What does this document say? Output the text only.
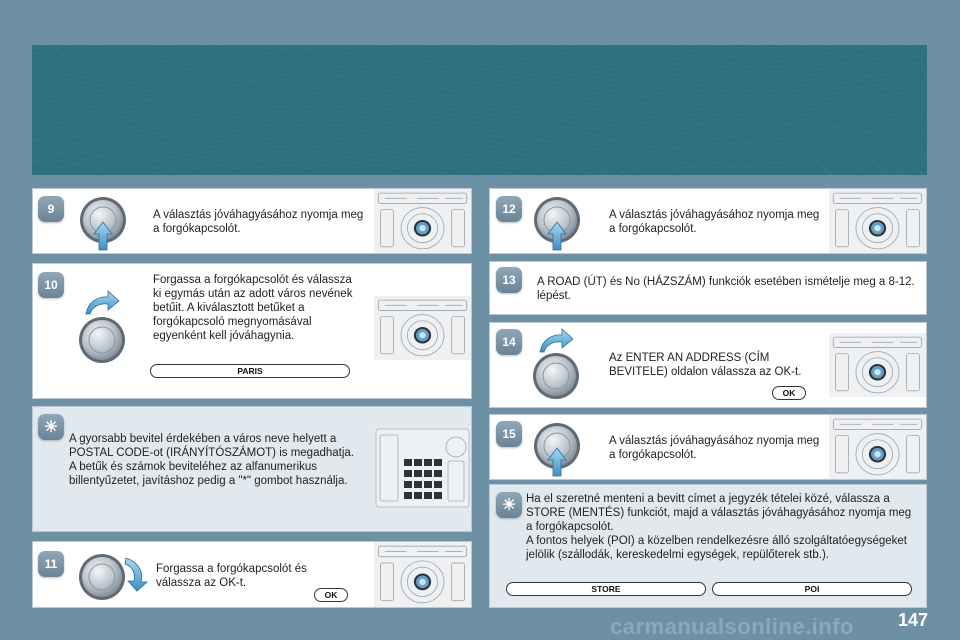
9	A választás jóváhagyásához nyomja meg a forgókapcsolót.
10	Forgassa a forgókapcsolót és válassza ki egymás után az adott város nevének betűit. A kiválasztott betűket a forgókapcsoló megnyomásával egyenként kell jóváhagynia.
PARIS
☀
A gyorsabb bevitel érdekében a város neve helyett a POSTAL CODE-ot (IRÁNYÍTÓSZÁMOT) is megadhatja.
A betűk és számok beviteléhez az alfanumerikus billentyűzetet, javításhoz pedig a "*" gombot használja.
11	Forgassa a forgókapcsolót és válassza az OK-t.
OK
12	A választás jóváhagyásához nyomja meg a forgókapcsolót.
13	A ROAD (ÚT) és No (HÁZSZÁM) funkciók esetében ismételje meg a 8-12. lépést.
14
Az ENTER AN ADDRESS (CÍM BEVITELE) oldalon válassza az OK-t.
OK
15	A választás jóváhagyásához nyomja meg a forgókapcsolót.
☀ Ha el szeretné menteni a bevitt címet a jegyzék tételei közé, válassza a STORE (MENTÉS) funkciót, majd a választás jóváhagyásához nyomja meg a forgókapcsolót.
A fontos helyek (POI) a közelben rendelkezésre álló szolgáltatóegységeket jelölik (szállodák, kereskedelmi egységek, repülőterek stb.).
STORE	POI
carmanualsonline.info 147
